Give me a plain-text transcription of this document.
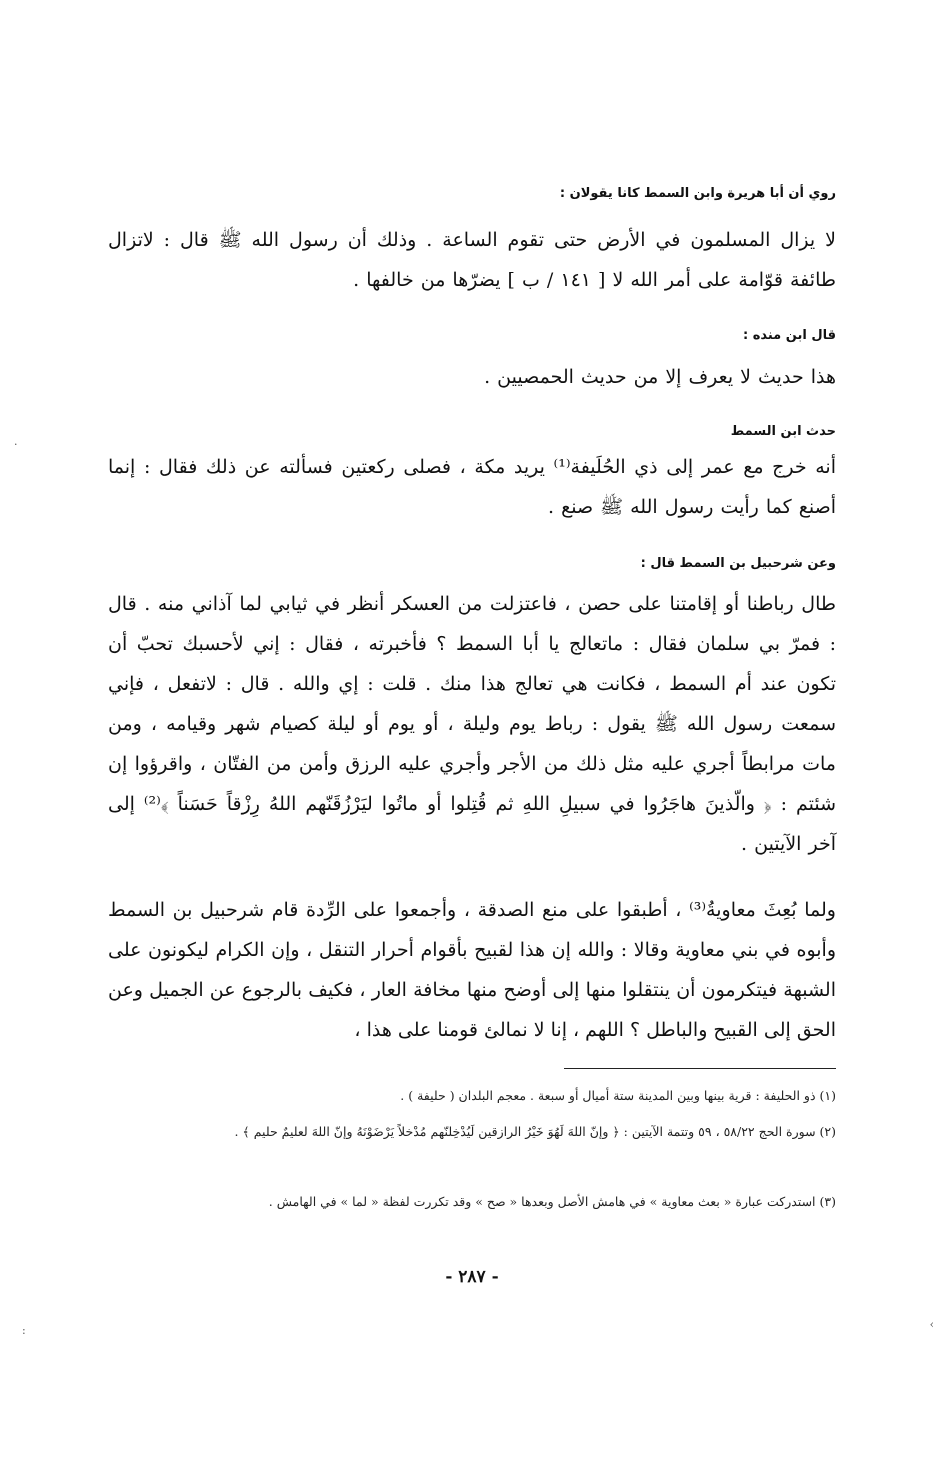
روي أن أبا هريرة وابن السمط كانا يقولان :
لا يزال المسلمون في الأرض حتى تقوم الساعة . وذلك أن رسول الله ﷺ قال : لاتزال طائفة قوّامة على أمر الله لا [ ١٤١ / ب ] يضرّها من خالفها .
قال ابن منده :
هذا حديث لا يعرف إلا من حديث الحمصيين .
حدث ابن السمط
أنه خرج مع عمر إلى ذي الحُلَيفة⁽¹⁾ يريد مكة ، فصلى ركعتين فسألته عن ذلك فقال : إنما أصنع كما رأيت رسول الله ﷺ صنع .
وعن شرحبيل بن السمط قال :
طال رباطنا أو إقامتنا على حصن ، فاعتزلت من العسكر أنظر في ثيابي لما آذاني منه . قال : فمرّ بي سلمان فقال : ماتعالج يا أبا السمط ؟ فأخبرته ، فقال : إني لأحسبك تحبّ أن تكون عند أم السمط ، فكانت هي تعالج هذا منك . قلت : إي والله . قال : لاتفعل ، فإني سمعت رسول الله ﷺ يقول : رباط يوم وليلة ، أو يوم أو ليلة كصيام شهر وقيامه ، ومن مات مرابطاً أجري عليه مثل ذلك من الأجر وأجري عليه الرزق وأمن من الفتّان ، واقرؤوا إن شئتم : ﴿ والّذينَ هاجَرُوا في سبيلِ اللهِ ثم قُتِلوا أو ماتُوا ليَرْزُقَنّهم اللهُ رِزْقاً حَسَناً ﴾⁽²⁾ إلى آخر الآيتين .
ولما بُعِثَ معاويةُ⁽³⁾ ، أطبقوا على منع الصدقة ، وأجمعوا على الرِّدة قام شرحبيل بن السمط وأبوه في بني معاوية وقالا : والله إن هذا لقبيح بأقوام أحرار التنقل ، وإن الكرام ليكونون على الشبهة فيتكرمون أن ينتقلوا منها إلى أوضح منها مخافة العار ، فكيف بالرجوع عن الجميل وعن الحق إلى القبيح والباطل ؟ اللهم ، إنا لا نمالئ قومنا على هذا ،
(١) ذو الحليفة : قرية بينها وبين المدينة ستة أميال أو سبعة . معجم البلدان ( حليفة ) .
(٢) سورة الحج ٥٨/٢٢ ، ٥٩ وتتمة الآيتين : ﴿ وإنّ اللهَ لَهُوَ خَيْرُ الرازقين لَيُدْخِلنّهم مُدْخلاً يَرْضَوْنَهُ وإنّ اللهَ لعليمٌ حليم ﴾ .
(٣) استدركت عبارة « بعث معاوية » في هامش الأصل وبعدها « صح » وقد تكررت لفظة « لما » في الهامش .
- ٢٨٧ -
·
:	‹
